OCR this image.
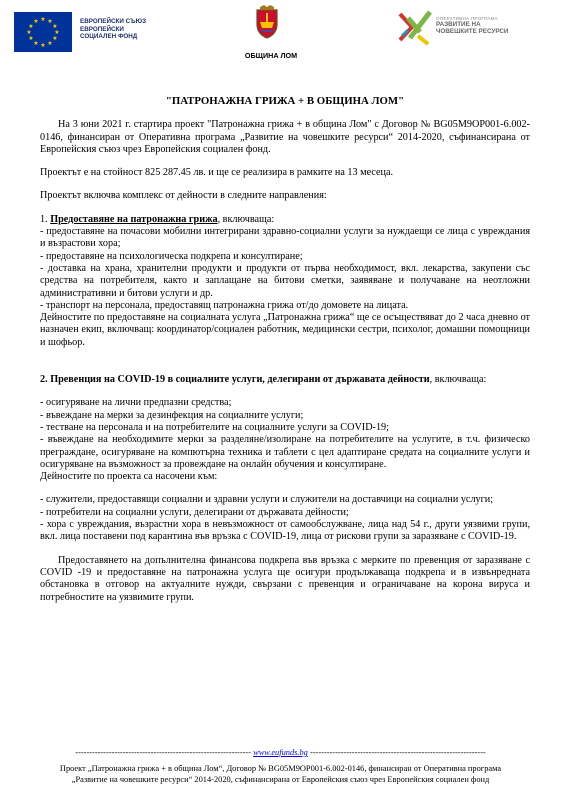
★ ★
★
★
★
★
★
★
★
★
★
★	ЕВРОПЕЙСКИ СЪЮЗ
ЕВРОПЕЙСКИ
СОЦИАЛЕН ФОНД
ОБЩИНА ЛОМ
ОПЕРАТИВНА ПРОГРАМА
РАЗВИТИЕ НА
ЧОВЕШКИТЕ РЕСУРСИ
"ПАТРОНАЖНА ГРИЖА + В ОБЩИНА ЛОМ"

На 3 юни 2021 г. стартира проект "Патронажна грижа + в община Лом" с Договор № BG05M9OP001-6.002-0146, финансиран от Оперативна програма „Развитие на човешките ресурси“ 2014-2020, съфинансирана от Европейския съюз чрез Европейския социален фонд.

Проектът е на стойност 825 287.45 лв. и ще се реализира в рамките на 13 месеца.

Проектът включва комплекс от дейности в следните направления:

1. Предоставяне на патронажна грижа, включваща:

- предоставяне на почасови мобилни интегрирани здравно-социални услуги за нуждаещи се лица с увреждания и възрастови хора;

- предоставяне на психологическа подкрепа и консултиране;

- доставка на храна, хранителни продукти и продукти от първа необходимост, вкл. лекарства, закупени със средства на потребителя, както и заплащане на битови сметки, заявяване и получаване на неотложни административни и битови услуги и др.

- транспорт на персонала, предоставящ патронажна грижа от/до домовете на лицата.

Дейностите по предоставяне на социалната услуга „Патронажна грижа“ ще се осъществяват до 2 часа дневно от назначен екип, включващ: координатор/социален работник, медицински сестри, психолог, домашни помощници и шофьор.

2. Превенция на COVID-19 в социалните услуги, делегирани от държавата дейности, включваща:

- осигуряване на лични предпазни средства;

- въвеждане на мерки за дезинфекция на социалните услуги;

- тестване на персонала и на потребителите на социалните услуги за COVID-19;

- въвеждане на необходимите мерки за разделяне/изолиране на потребителите на услугите, в т.ч. физическо преграждане, осигуряване на компютърна техника и таблети с цел адаптиране средата на социалните услуги и осигуряване на възможност за провеждане на онлайн обучения и консултиране.

Дейностите по проекта са насочени към:

- служители, предоставящи социални и здравни услуги и служители на доставчици на социални услуги;

- потребители на социални услуги, делегирани от държавата дейности;

- хора с увреждания, възрастни хора в невъзможност от самообслужване, лица над 54 г., други уязвими групи, вкл. лица поставени под карантина във връзка с COVID-19, лица от рискови групи за заразяване с COVID-19.

Предоставянето на допълнителна финансова подкрепа във връзка с мерките по превенция от заразяване с COVID -19 и предоставяне на патронажна услуга ще осигури продължаваща подкрепа и в извънредната обстановка в отговор на актуалните нужди, свързани с превенция и ограничаване на корона вируса и потребностите на уязвимите групи.

--------------------------------------------------------------- www.eufunds.bg ---------------------------------------------------------------
Проект „Патронажна грижа + в община Лом“, Договор № BG05M9OP001-6.002-0146, финансиран от Оперативна програма
„Развитие на човешките ресурси“ 2014-2020, съфинансирана от Европейския съюз чрез Европейския социален фонд
